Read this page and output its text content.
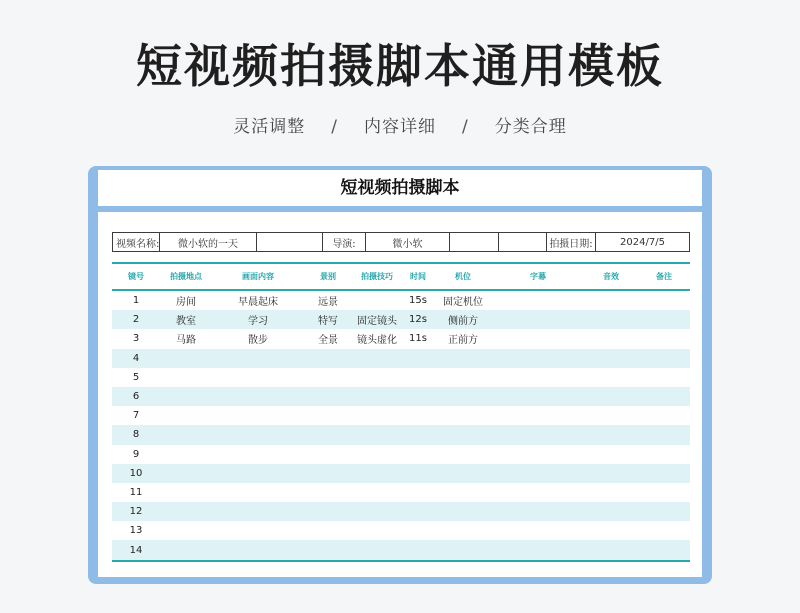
短视频拍摄脚本通用模板
灵活调整 / 内容详细 / 分类合理
短视频拍摄脚本
视频名称:	微小软的一天	导演:	微小软	拍摄日期:	2024/7/5
镜号	拍摄地点	画面内容	景别	拍摄技巧	时间	机位	字幕	音效	备注
1	房间	早晨起床	远景		15s	固定机位			
2	教室	学习	特写	固定镜头	12s	侧前方			
3	马路	散步	全景	镜头虚化	11s	正前方			
4									
5									
6									
7									
8									
9									
10									
11									
12									
13									
14									
